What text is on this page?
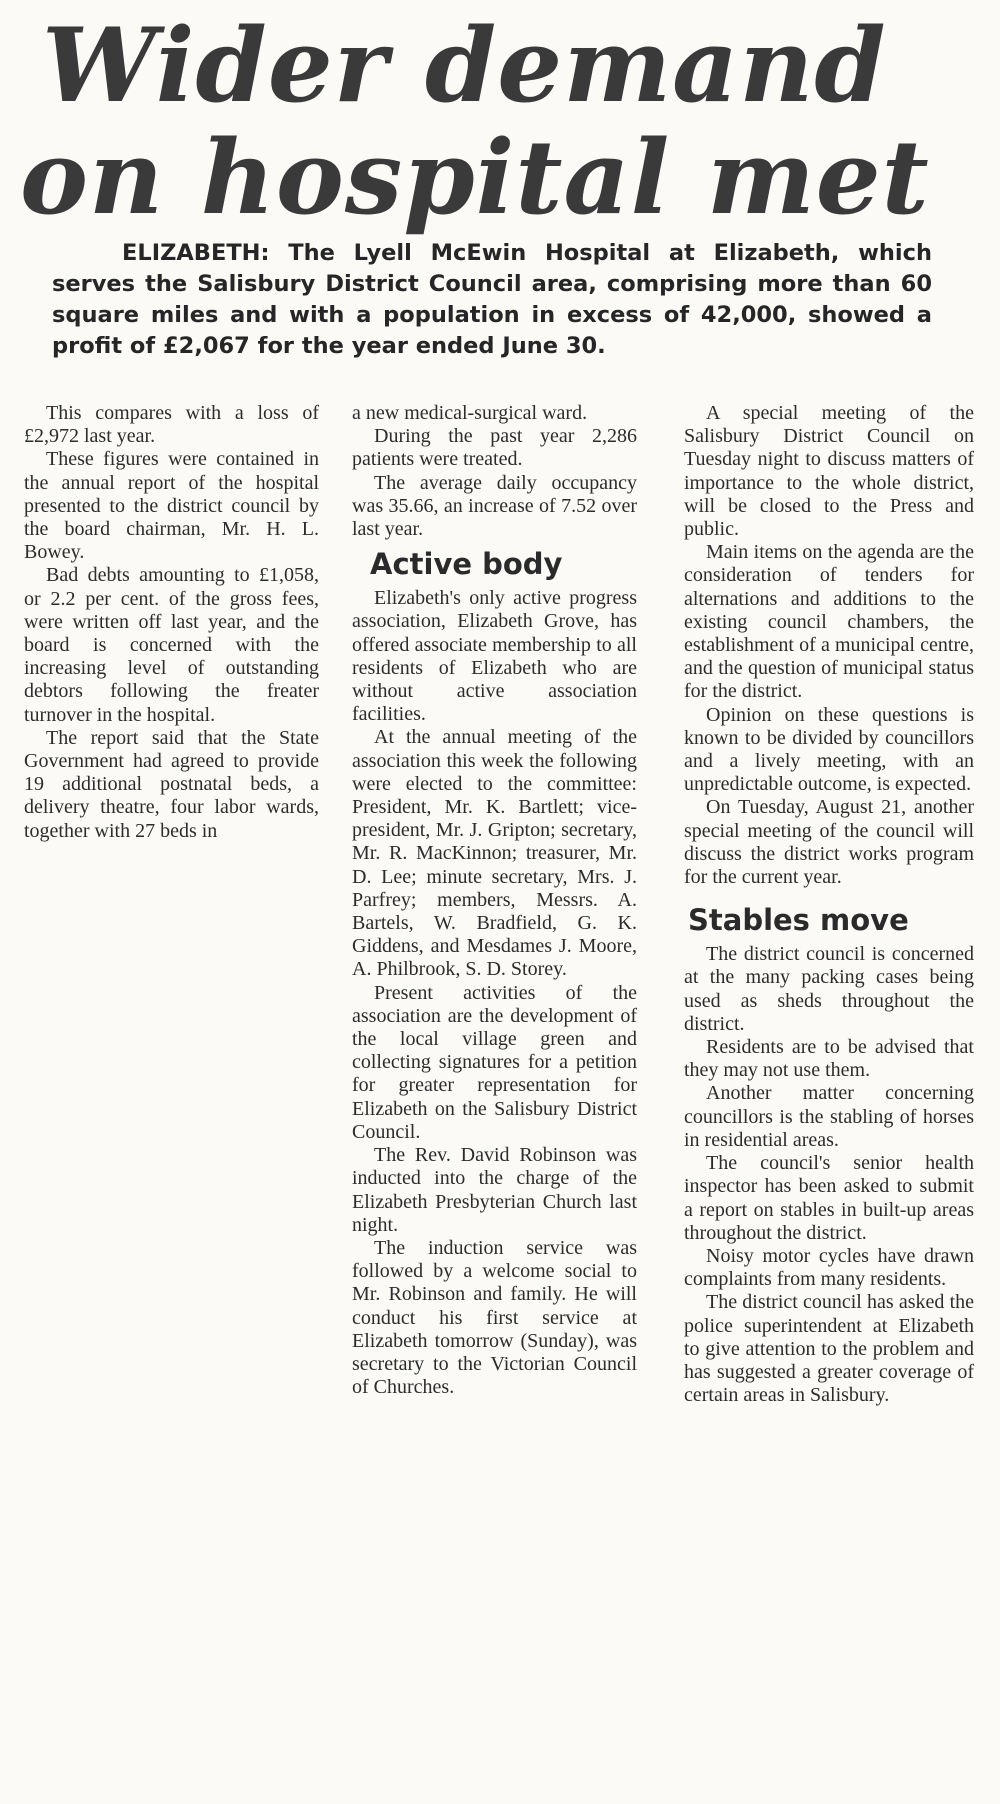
Wider demand
on hospital met

ELIZABETH: The Lyell McEwin Hospital at Elizabeth, which serves the Salisbury District Council area, comprising more than 60 square miles and with a population in excess of 42,000, showed a profit of £2,067 for the year ended June 30.

This compares with a loss of £2,972 last year.

These figures were contained in the annual report of the hospital presented to the district council by the board chairman, Mr. H. L. Bowey.

Bad debts amounting to £1,058, or 2.2 per cent. of the gross fees, were written off last year, and the board is concerned with the increasing level of outstanding debtors following the freater turnover in the hospital.

The report said that the State Government had agreed to provide 19 additional postnatal beds, a delivery theatre, four labor wards, together with 27 beds in

a new medical-surgical ward.

During the past year 2,286 patients were treated.

The average daily occupancy was 35.66, an increase of 7.52 over last year.

Active body

Elizabeth's only active progress association, Elizabeth Grove, has offered associate membership to all residents of Elizabeth who are without active association facilities.

At the annual meeting of the association this week the following were elected to the committee: President, Mr. K. Bartlett; vice-president, Mr. J. Gripton; secretary, Mr. R. MacKinnon; treasurer, Mr. D. Lee; minute secretary, Mrs. J. Parfrey; members, Messrs. A. Bartels, W. Bradfield, G. K. Giddens, and Mesdames J. Moore, A. Philbrook, S. D. Storey.

Present activities of the association are the development of the local village green and collecting signatures for a petition for greater representation for Elizabeth on the Salisbury District Council.

The Rev. David Robinson was inducted into the charge of the Elizabeth Presbyterian Church last night.

The induction service was followed by a welcome social to Mr. Robinson and family. He will conduct his first service at Elizabeth tomorrow (Sunday), was secretary to the Victorian Council of Churches.

A special meeting of the Salisbury District Council on Tuesday night to discuss matters of importance to the whole district, will be closed to the Press and public.

Main items on the agenda are the consideration of tenders for alternations and additions to the existing council chambers, the establishment of a municipal centre, and the question of municipal status for the district.

Opinion on these questions is known to be divided by councillors and a lively meeting, with an unpredictable outcome, is expected.

On Tuesday, August 21, another special meeting of the council will discuss the district works program for the current year.

Stables move

The district council is concerned at the many packing cases being used as sheds throughout the district.

Residents are to be advised that they may not use them.

Another matter concerning councillors is the stabling of horses in residential areas.

The council's senior health inspector has been asked to submit a report on stables in built-up areas throughout the district.

Noisy motor cycles have drawn complaints from many residents.

The district council has asked the police superintendent at Elizabeth to give attention to the problem and has suggested a greater coverage of certain areas in Salisbury.
